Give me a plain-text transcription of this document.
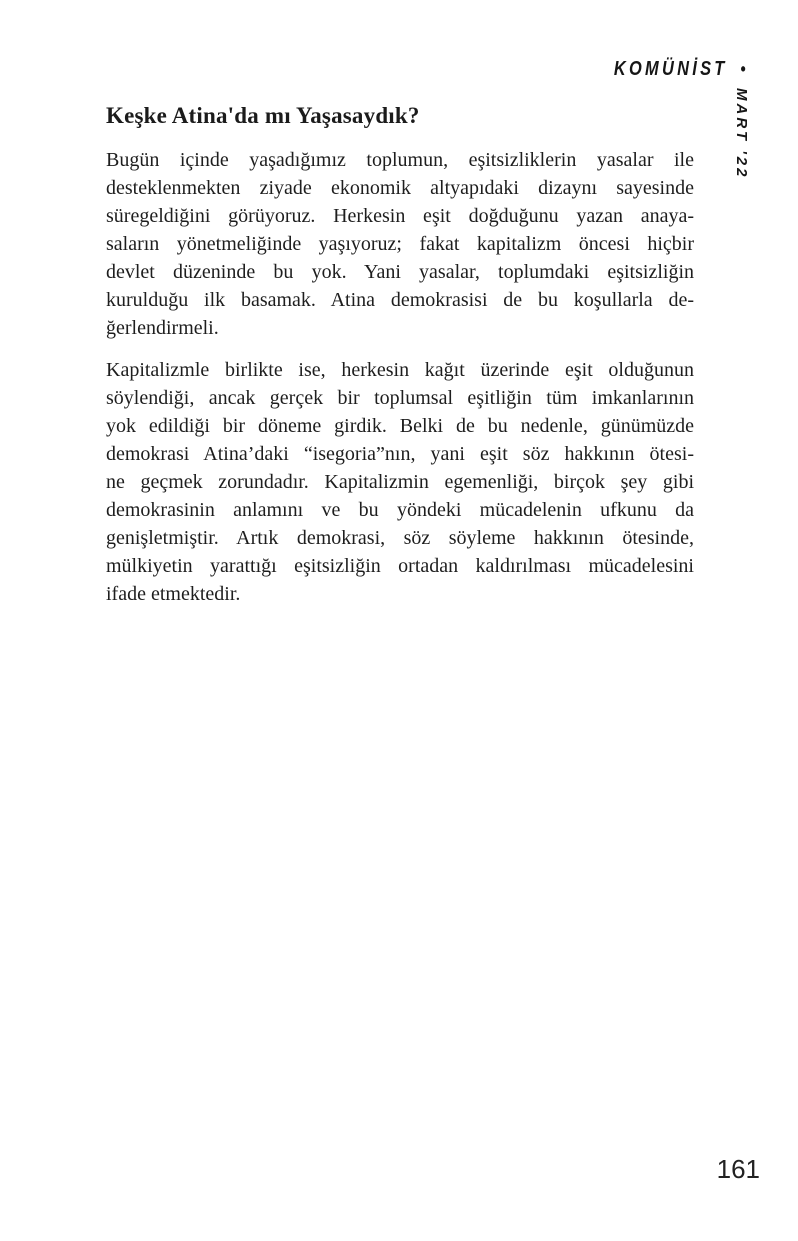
KOMÜNİST •
MART '22
Keşke Atina'da mı Yaşasaydık?
Bugün içinde yaşadığımız toplumun, eşitsizliklerin yasalar ile
desteklenmekten ziyade ekonomik altyapıdaki dizaynı sayesinde
süregeldiğini görüyoruz. Herkesin eşit doğduğunu yazan anaya-
saların yönetmeliğinde yaşıyoruz; fakat kapitalizm öncesi hiçbir
devlet düzeninde bu yok. Yani yasalar, toplumdaki eşitsizliğin
kurulduğu ilk basamak. Atina demokrasisi de bu koşullarla de-
ğerlendirmeli.
Kapitalizmle birlikte ise, herkesin kağıt üzerinde eşit olduğunun
söylendiği, ancak gerçek bir toplumsal eşitliğin tüm imkanlarının
yok edildiği bir döneme girdik. Belki de bu nedenle, günümüzde
demokrasi Atina’daki “isegoria”nın, yani eşit söz hakkının ötesi-
ne geçmek zorundadır. Kapitalizmin egemenliği, birçok şey gibi
demokrasinin anlamını ve bu yöndeki mücadelenin ufkunu da
genişletmiştir. Artık demokrasi, söz söyleme hakkının ötesinde,
mülkiyetin yarattığı eşitsizliğin ortadan kaldırılması mücadelesini
ifade etmektedir.
161
